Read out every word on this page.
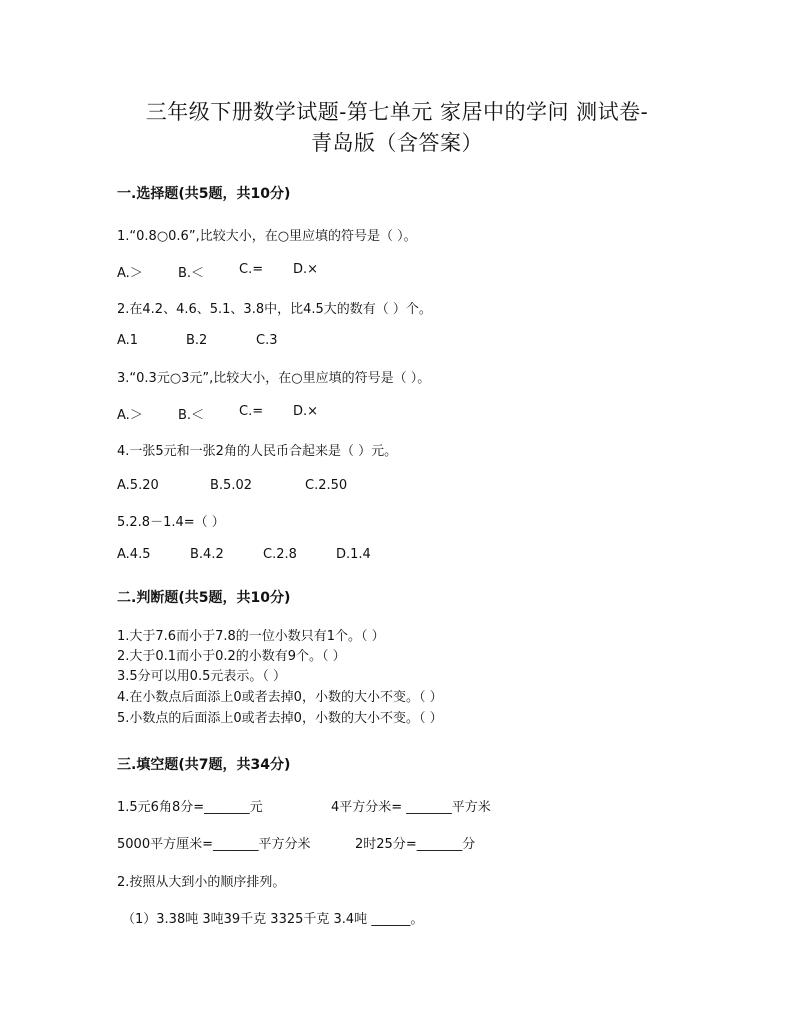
三年级下册数学试题-第七单元 家居中的学问 测试卷-
青岛版（含答案）
一.选择题(共5题，共10分)
1.“0.8○0.6”,比较大小，在○里应填的符号是（ ）。
A.＞	B.＜	C.= D.×
2.在4.2、4.6、5.1、3.8中，比4.5大的数有（ ）个。
A.1	B.2	C.3
3.“0.3元○3元”,比较大小，在○里应填的符号是（ ）。
A.＞	B.＜	C.= D.×
4.一张5元和一张2角的人民币合起来是（ ）元。
A.5.20	B.5.02	C.2.50
5.2.8－1.4=（ ）
A.4.5	B.4.2	C.2.8	D.1.4
二.判断题(共5题，共10分)
1.大于7.6而小于7.8的一位小数只有1个。（ ）
2.大于0.1而小于0.2的小数有9个。（ ）
3.5分可以用0.5元表示。（ ）
4.在小数点后面添上0或者去掉0，小数的大小不变。（ ）
5.小数点的后面添上0或者去掉0，小数的大小不变。（ ）
三.填空题(共7题，共34分)
1.5元6角8分=_______元	4平方分米= _______平方米
5000平方厘米=_______平方分米	2时25分=_______分
2.按照从大到小的顺序排列。
（1）3.38吨 3吨39千克 3325千克 3.4吨 ______。
